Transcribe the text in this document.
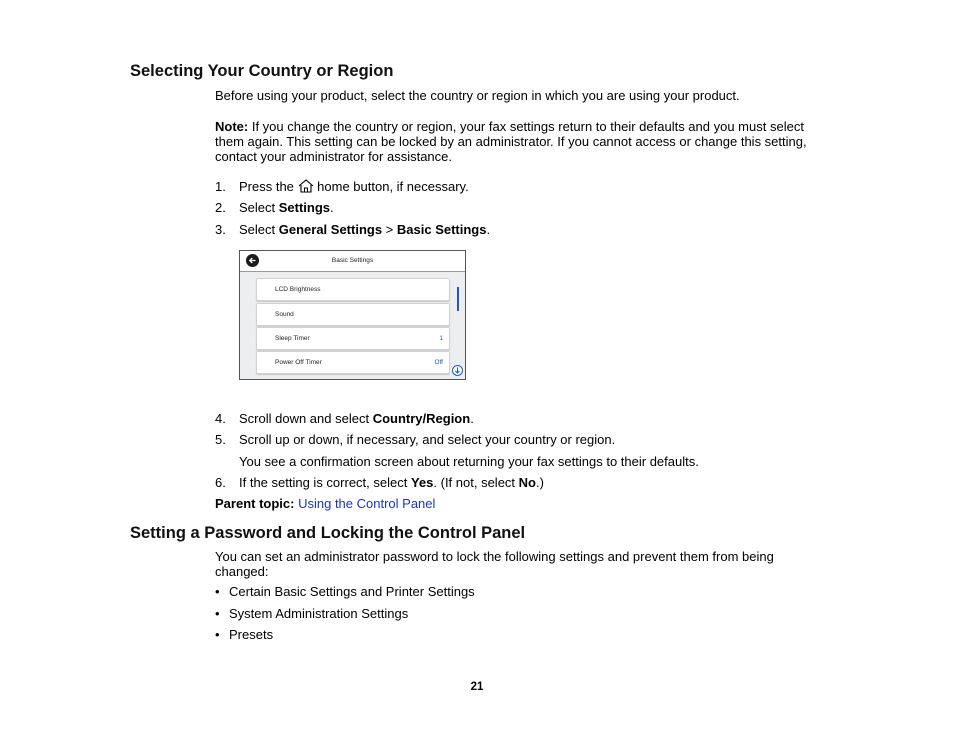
Selecting Your Country or Region
Before using your product, select the country or region in which you are using your product.
Note: If you change the country or region, your fax settings return to their defaults and you must select them again. This setting can be locked by an administrator. If you cannot access or change this setting, contact your administrator for assistance.
1. Press the home button, if necessary.
2. Select Settings.
3. Select General Settings > Basic Settings.
Basic Settings
LCD Brightness
Sound
Sleep Timer	1
Power Off Timer	Off
4. Scroll down and select Country/Region.
5. Scroll up or down, if necessary, and select your country or region.
You see a confirmation screen about returning your fax settings to their defaults.
6. If the setting is correct, select Yes. (If not, select No.)
Parent topic: Using the Control Panel
Setting a Password and Locking the Control Panel
You can set an administrator password to lock the following settings and prevent them from being changed:
• Certain Basic Settings and Printer Settings
• System Administration Settings
• Presets
21
